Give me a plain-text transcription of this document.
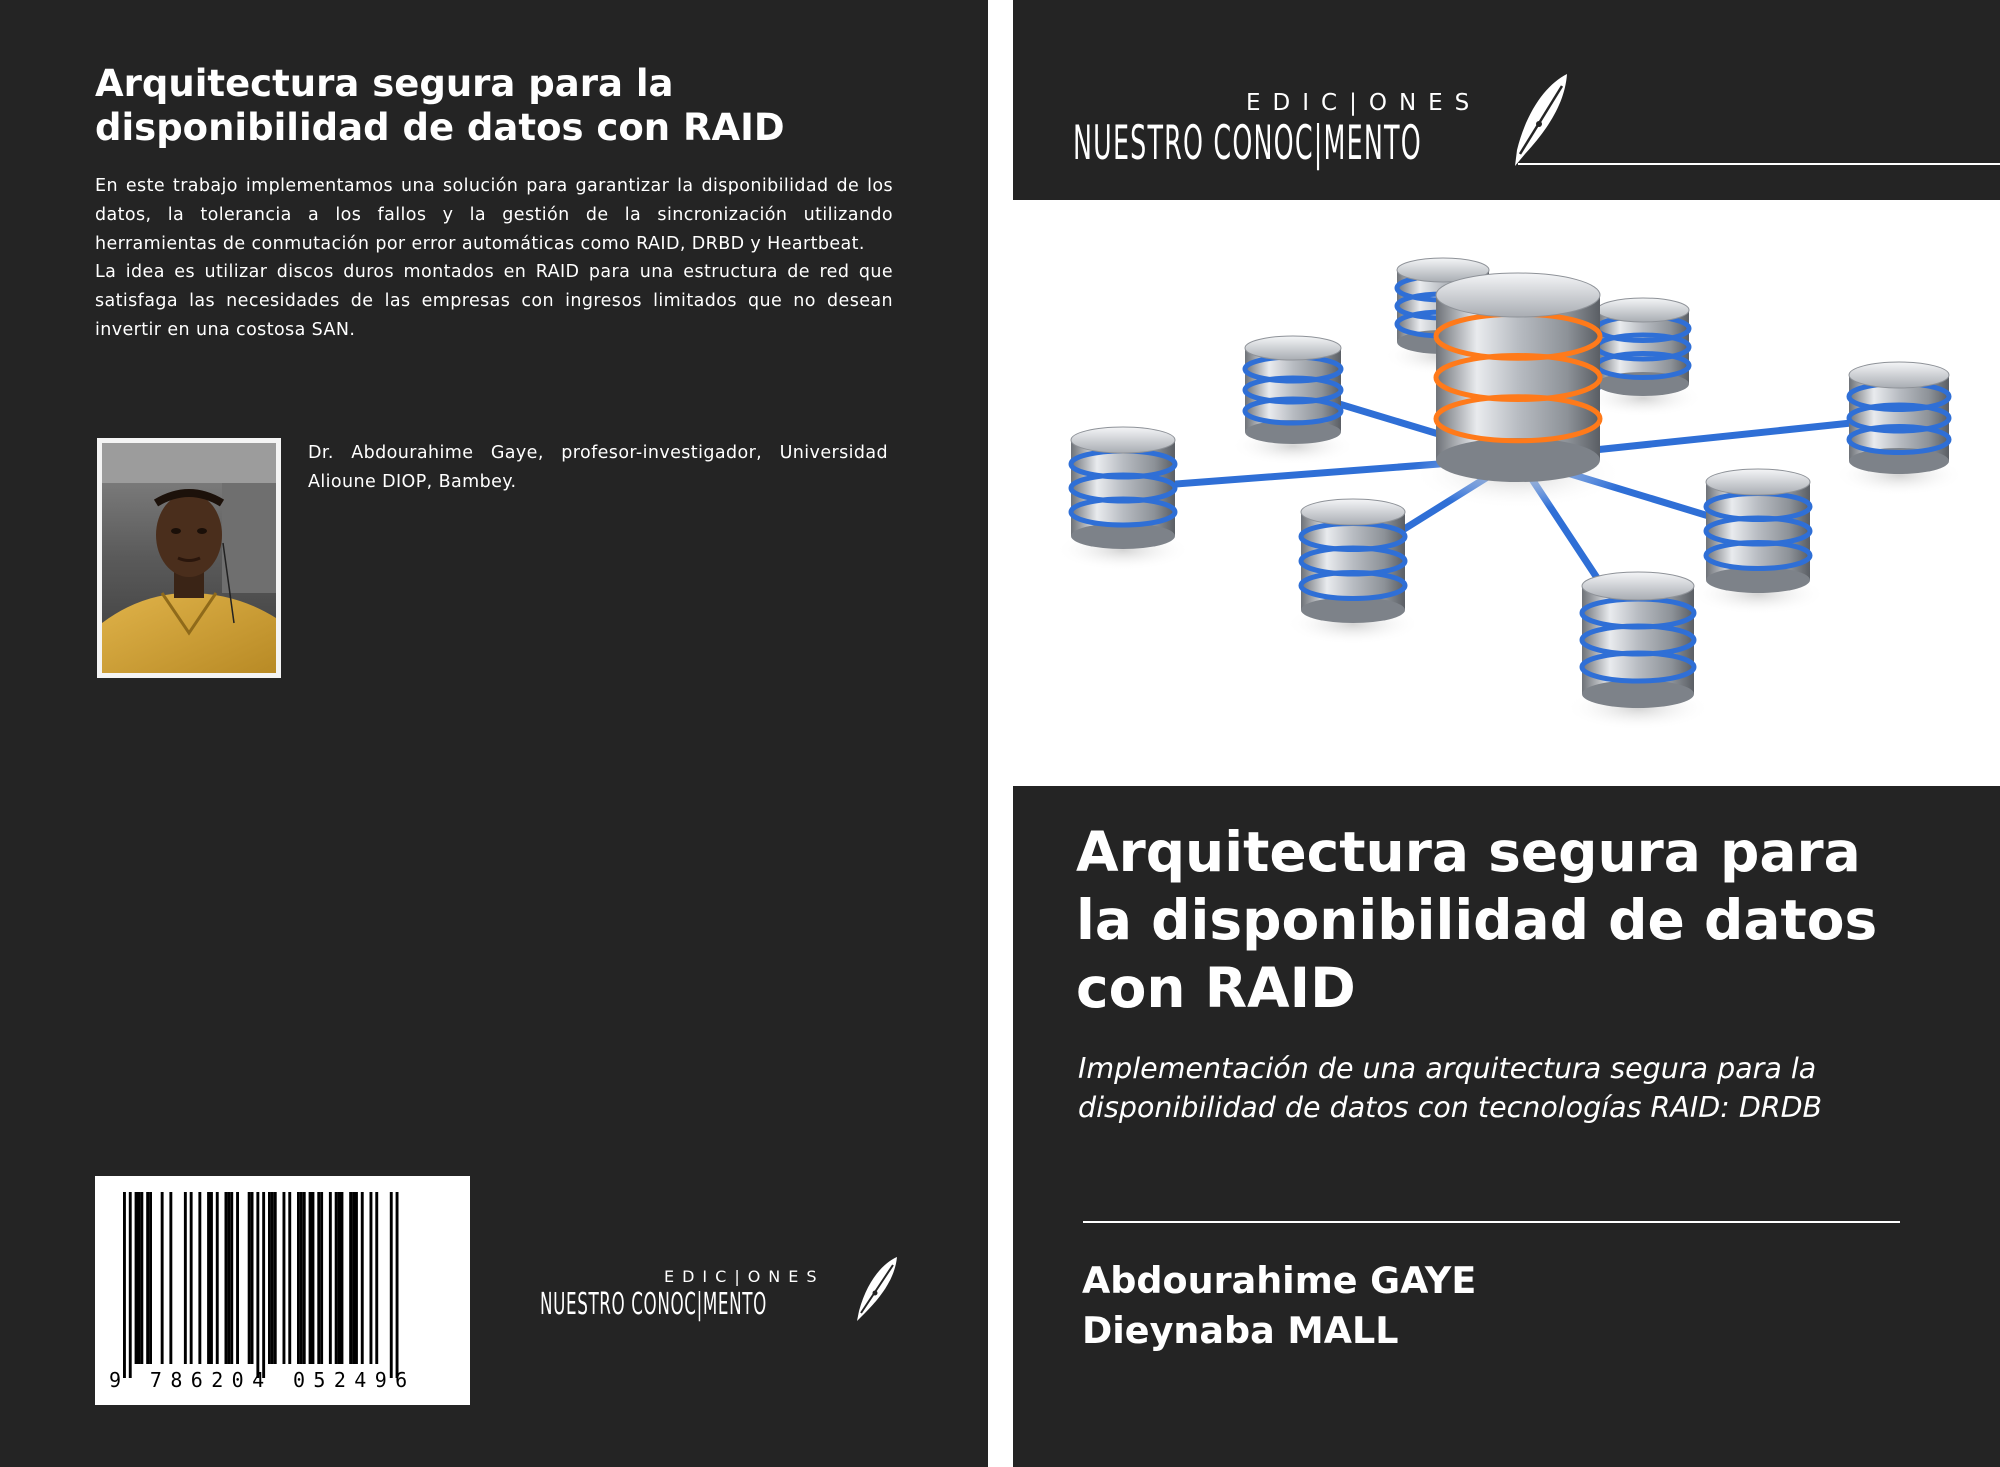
Arquitectura segura para la
disponibilidad de datos con RAID

En este trabajo implementamos una solución para garantizar la disponibilidad de los datos, la tolerancia a los fallos y la gestión de la sincronización utilizando herramientas de conmutación por error automáticas como RAID, DRBD y Heartbeat.

La idea es utilizar discos duros montados en RAID para una estructura de red que satisfaga las necesidades de las empresas con ingresos limitados que no desean invertir en una costosa SAN.

Dr. Abdourahime Gaye, profesor-investigador, Universidad Alioune DIOP, Bambey.
9 786204 052496
EDIC|ONES
NUESTRO CONOC|MENTO
EDIC|ONES
NUESTRO CONOC|MENTO
Arquitectura segura para
la disponibilidad de datos
con RAID
Implementación de una arquitectura segura para la
disponibilidad de datos con tecnologías RAID: DRDB
Abdourahime GAYE
Dieynaba MALL
